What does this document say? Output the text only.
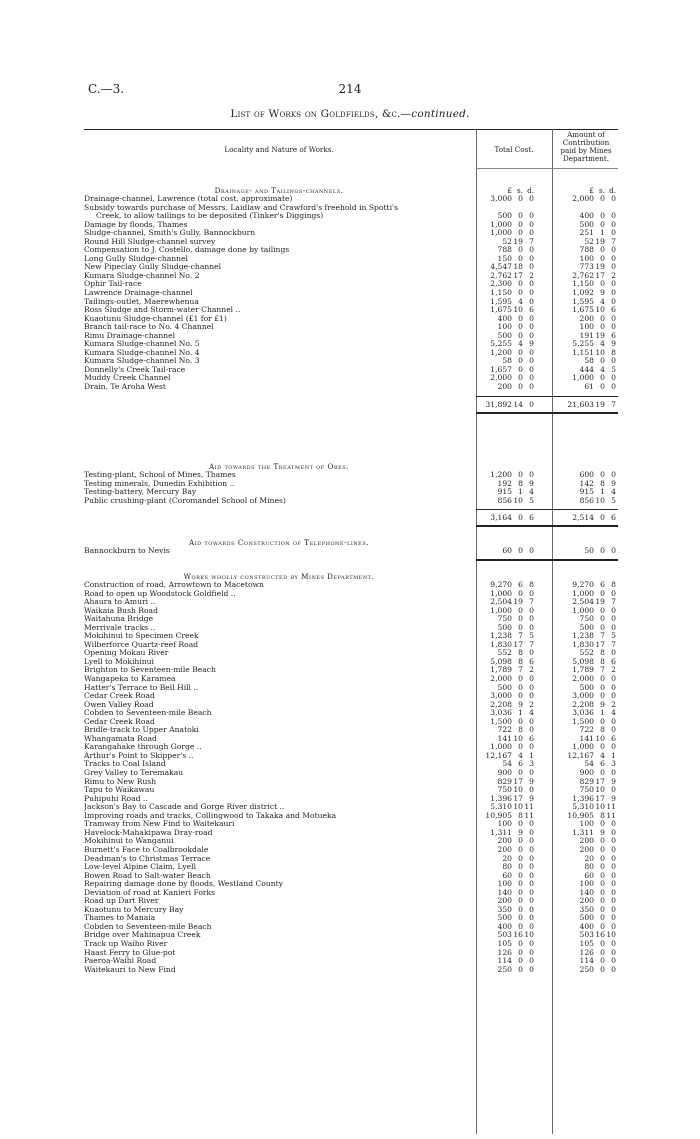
C.—3.	214
List of Works on Goldfields, &c.—continued.
Locality and Nature of Works.	Total Cost.
Amount of
Contribution
paid by Mines
Department.
Drainage- and Tailings-channels.	£ s. d.	£ s. d.
Drainage-channel, Lawrence (total cost, approximate)	3,000 0 0	2,000 0 0
Subsidy towards purchase of Messrs. Laidlaw and Crawford's freehold in Spotti's
Creek, to allow tailings to be deposited (Tinker's Diggings)	500 0 0	400 0 0
Damage by floods, Thames	1,000 0 0	500 0 0
Sludge-channel, Smith's Gully, Bannockburn	1,000 0 0	251 1 0
Round Hill Sludge-channel survey	5219 7	5219 7
Compensation to J. Costello, damage done by tailings	788 0 0	788 0 0
Long Gully Sludge-channel	150 0 0	100 0 0
New Pipeclay Gully Sludge-channel	4,54718 0	77319 0
Kumara Sludge-channel No. 2	2,76217 2	2,76217 2
Ophir Tail-race	2,300 0 0	1,150 0 0
Lawrence Drainage-channel	1,150 0 0	1,092 9 0
Tailings-outlet, Maerewhenua	1,595 4 0	1,595 4 0
Ross Sludge and Storm-water Channel ..	1,67510 6	1,67510 6
Kuaotunu Sludge-channel (£1 for £1)	400 0 0	200 0 0
Branch tail-race to No. 4 Channel	100 0 0	100 0 0
Rimu Drainage-channel	500 0 0	19119 6
Kumara Sludge-channel No. 5	5,255 4 9	5,255 4 9
Kumara Sludge-channel No. 4	1,200 0 0	1,15110 8
Kumara Sludge-channel No. 3	58 0 0	58 0 0
Donnelly's Creek Tail-race	1,657 0 0	444 4 5
Muddy Creek Channel	2,000 0 0	1,000 0 0
Drain, Te Aroha West	200 0 0	61 0 0
31,89214 0	21,60319 7
Aid towards the Treatment of Ores.
Testing-plant, School of Mines, Thames	1,200 0 0	600 0 0
Testing minerals, Dunedin Exhibition ..	192 8 9	142 8 9
Testing-battery, Mercury Bay	915 1 4	915 1 4
Public crushing-plant (Coromandel School of Mines)	85610 5	85610 5
3,164 0 6	2,514 0 6
Aid towards Construction of Telephone-lines.
Bannockburn to Nevis	60 0 0	50 0 0
Works wholly constructed by Mines Department.
Construction of road, Arrowtown to Macetown	9,270 6 8	9,270 6 8
Road to open up Woodstock Goldfield ..	1,000 0 0	1,000 0 0
Ahaura to Amuri ..	2,50419 7	2,50419 7
Waikaia Bush Road	1,000 0 0	1,000 0 0
Waitahuna Bridge	750 0 0	750 0 0
Merrivale tracks ..	500 0 0	500 0 0
Mokihinui to Specimen Creek	1,238 7 5	1,238 7 5
Wilberforce Quartz-reef Road	1,83017 7	1,83017 7
Opening Mokau River	552 8 0	552 8 0
Lyell to Mokihinui	5,098 8 6	5,098 8 6
Brighton to Seventeen-mile Beach	1,789 7 2	1,789 7 2
Wangapeka to Karamea	2,000 0 0	2,000 0 0
Hatter's Terrace to Bell Hill ..	500 0 0	500 0 0
Cedar Creek Road	3,000 0 0	3,000 0 0
Owen Valley Road	2,208 9 2	2,208 9 2
Cobden to Seventeen-mile Beach	3,036 1 4	3,036 1 4
Cedar Creek Road	1,500 0 0	1,500 0 0
Bridle-track to Upper Anatoki	722 8 0	722 8 0
Whangamata Road	14110 6	14110 6
Karangahake through Gorge ..	1,000 0 0	1,000 0 0
Arthur's Point to Skipper's ..	12,167 4 1	12,167 4 1
Tracks to Coal Island	54 6 3	54 6 3
Grey Valley to Teremakau	900 0 0	900 0 0
Rimu to New Rush	82917 9	82917 9
Tapu to Waikawau	75010 0	75010 0
Puhipuhi Road ..	1,39617 9	1,39617 9
Jackson's Bay to Cascade and Gorge River district ..	5,3101011	5,3101011
Improving roads and tracks, Collingwood to Takaka and Motueka	10,905 811	10,905 811
Tramway from New Find to Waitekauri	100 0 0	100 0 0
Havelock-Mahakipawa Dray-road	1,311 9 0	1,311 9 0
Mokihinui to Wanganui	200 0 0	200 0 0
Burnett's Face to Coalbrookdale	200 0 0	200 0 0
Deadman's to Christmas Terrace	20 0 0	20 0 0
Low-level Alpine Claim, Lyell	80 0 0	80 0 0
Bowen Road to Salt-water Beach	60 0 0	60 0 0
Repairing damage done by floods, Westland County	100 0 0	100 0 0
Deviation of road at Kanieri Forks	140 0 0	140 0 0
Road up Dart River	200 0 0	200 0 0
Kuaotunu to Mercury Bay	350 0 0	350 0 0
Thames to Manaia	500 0 0	500 0 0
Cobden to Seventeen-mile Beach	400 0 0	400 0 0
Bridge over Mahinapua Creek	5031610	5031610
Track up Waiho River	105 0 0	105 0 0
Haast Ferry to Glue-pot	126 0 0	126 0 0
Paeroa-Waihi Road	114 0 0	114 0 0
Waitekauri to New Find	250 0 0	250 0 0
